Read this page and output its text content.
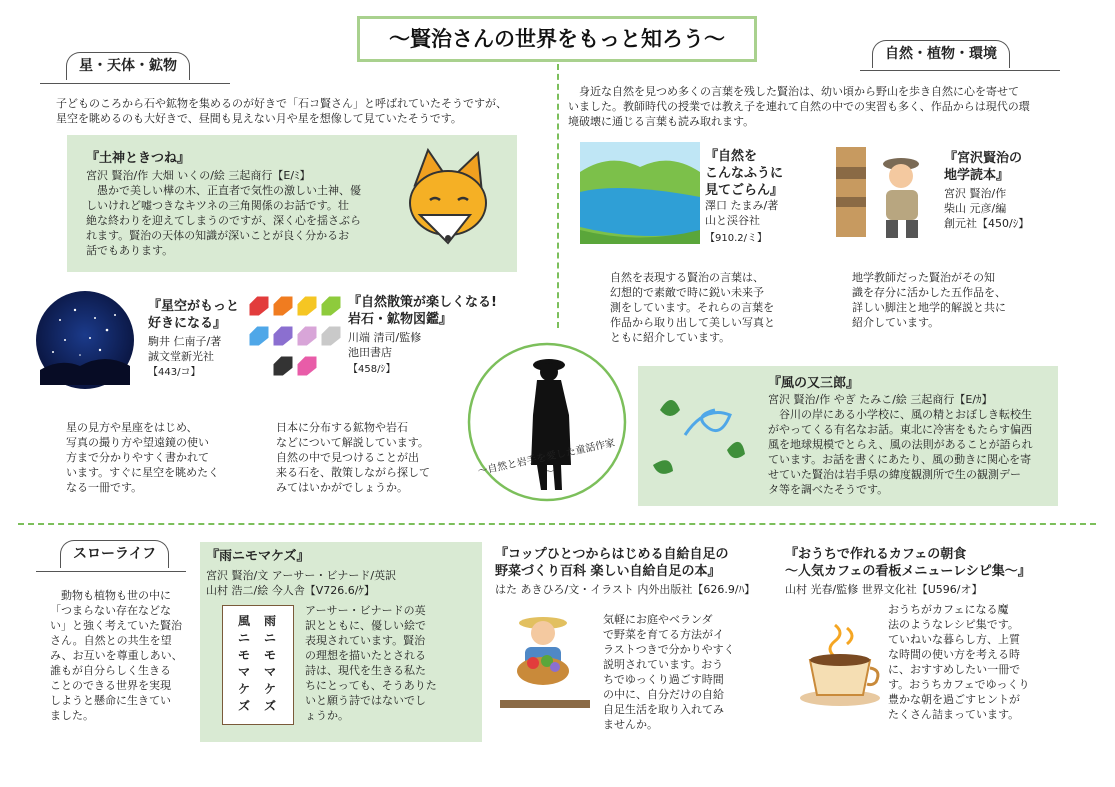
～賢治さんの世界をもっと知ろう～
星・天体・鉱物

子どものころから石や鉱物を集めるのが好きで「石コ賢さん」と呼ばれていたそうですが、
星空を眺めるのも大好きで、昼間も見えない月や星を想像して見ていたそうです。

『土神ときつね』
宮沢 賢治/作 大畑 いくの/絵 三起商行【E/ﾐ】

　愚かで美しい樺の木、正直者で気性の激しい土神、優
しいけれど嘘つきなキツネの三角関係のお話です。壮
絶な終わりを迎えてしまうのですが、深く心を揺さぶら
れます。賢治の天体の知識が深いことが良く分かるお
話でもあります。

『星空がもっと
好きになる』
駒井 仁南子/著
誠文堂新光社
【443/コ】

星の見方や星座をはじめ、
写真の撮り方や望遠鏡の使い
方まで分かりやすく書かれて
います。すぐに星空を眺めたく
なる一冊です。

『自然散策が楽しくなる!
岩石・鉱物図鑑』
川端 清司/監修
池田書店
【458/ｼ】

日本に分布する鉱物や岩石
などについて解説しています。
自然の中で見つけることが出
来る石を、散策しながら探して
みてはいかがでしょうか。

～自然と岩手を愛した童話作家～
自然・植物・環境

　身近な自然を見つめ多くの言葉を残した賢治は、幼い頃から野山を歩き自然に心を寄せて
いました。教師時代の授業では教え子を連れて自然の中での実習も多く、作品からは現代の環
境破壊に通じる言葉も読み取れます。

『自然を
こんなふうに
見てごらん』
澤口 たまみ/著
山と渓谷社
【910.2/ミ】

自然を表現する賢治の言葉は、
幻想的で素敵で時に鋭い未来予
測をしています。それらの言葉を
作品から取り出して美しい写真と
ともに紹介しています。

『宮沢賢治の
地学読本』
宮沢 賢治/作
柴山 元彦/編
創元社【450/ｼ】

地学教師だった賢治がその知
識を存分に活かした五作品を、
詳しい脚注と地学的解説と共に
紹介しています。

『風の又三郎』
宮沢 賢治/作 やぎ たみこ/絵 三起商行【E/ｶ】

　谷川の岸にある小学校に、風の精とおぼしき転校生
がやってくる有名なお話。東北に冷害をもたらす偏西
風を地球規模でとらえ、風の法則があることが語られ
ています。お話を書くにあたり、風の動きに関心を寄
せていた賢治は岩手県の緯度観測所で生の観測デー
タ等を調べたそうです。

スローライフ

　動物も植物も世の中に
「つまらない存在などな
い」と強く考えていた賢治
さん。自然との共生を望
み、お互いを尊重しあい、
誰もが自分らしく生きる
ことのできる世界を実現
しようと懸命に生きてい
ました。

『雨ニモマケズ』
宮沢 賢治/文 アーサー・ビナード/英訳
山村 浩二/絵 今人舎【V726.6/ｹ】
雨ニモマケズ
風ニモマケズ

アーサー・ビナードの英
訳とともに、優しい絵で
表現されています。賢治
の理想を描いたとされる
詩は、現代を生きる私た
ちにとっても、そうありた
いと願う詩ではないでし
ょうか。

『コップひとつからはじめる自給自足の
野菜づくり百科 楽しい自給自足の本』
はた あきひろ/文・イラスト 内外出版社【626.9/ﾊ】

気軽にお庭やベランダ
で野菜を育てる方法がイ
ラストつきで分かりやすく
説明されています。おう
ちでゆっくり過ごす時間
の中に、自分だけの自給
自足生活を取り入れてみ
ませんか。

『おうちで作れるカフェの朝食
～人気カフェの看板メニューレシピ集～』
山村 光春/監修 世界文化社【U596/オ】

おうちがカフェになる魔
法のようなレシピ集です。
ていねいな暮らし方、上質
な時間の使い方を考える時
に、おすすめしたい一冊で
す。おうちカフェでゆっくり
豊かな朝を過ごすヒントが
たくさん詰まっています。
